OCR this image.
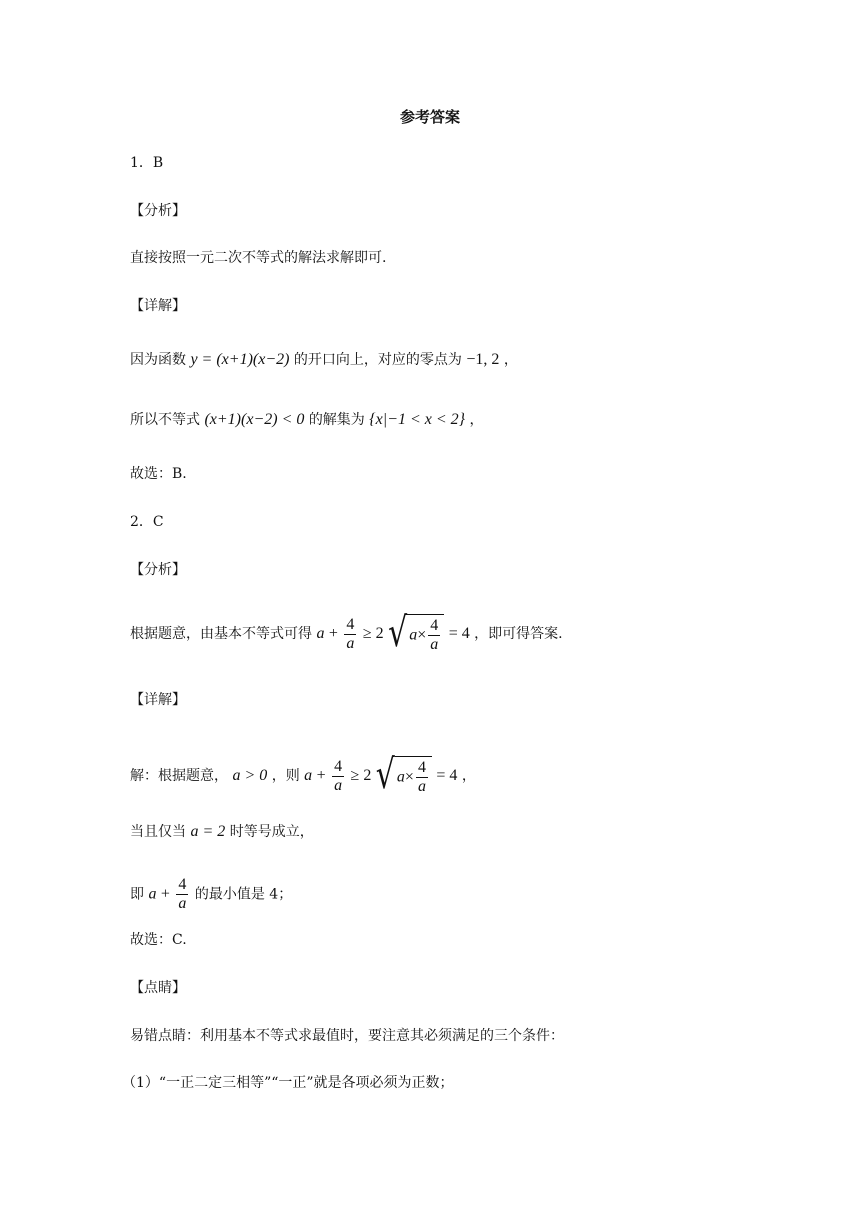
参考答案
1．B
【分析】
直接按照一元二次不等式的解法求解即可.
【详解】
因为函数 y = (x+1)(x−2) 的开口向上，对应的零点为 −1, 2 ，
所以不等式 (x+1)(x−2) < 0 的解集为 {x|−1 < x < 2} ，
故选：B.
2．C
【分析】
根据题意，由基本不等式可得 $a + \frac{4}{a} \ge 2$ √ $a\times \frac{4}{a} = 4$ ，即可得答案.
【详解】
解：根据题意， a > 0 ，则 $a + \frac{4}{a} \ge 2$ √ $a\times \frac{4}{a} = 4$ ，
当且仅当 a = 2 时等号成立，
即 $a + \frac{4}{a}$ 的最小值是 4；
故选：C.
【点睛】
易错点睛：利用基本不等式求最值时，要注意其必须满足的三个条件：
（1）“一正二定三相等”“一正”就是各项必须为正数；
